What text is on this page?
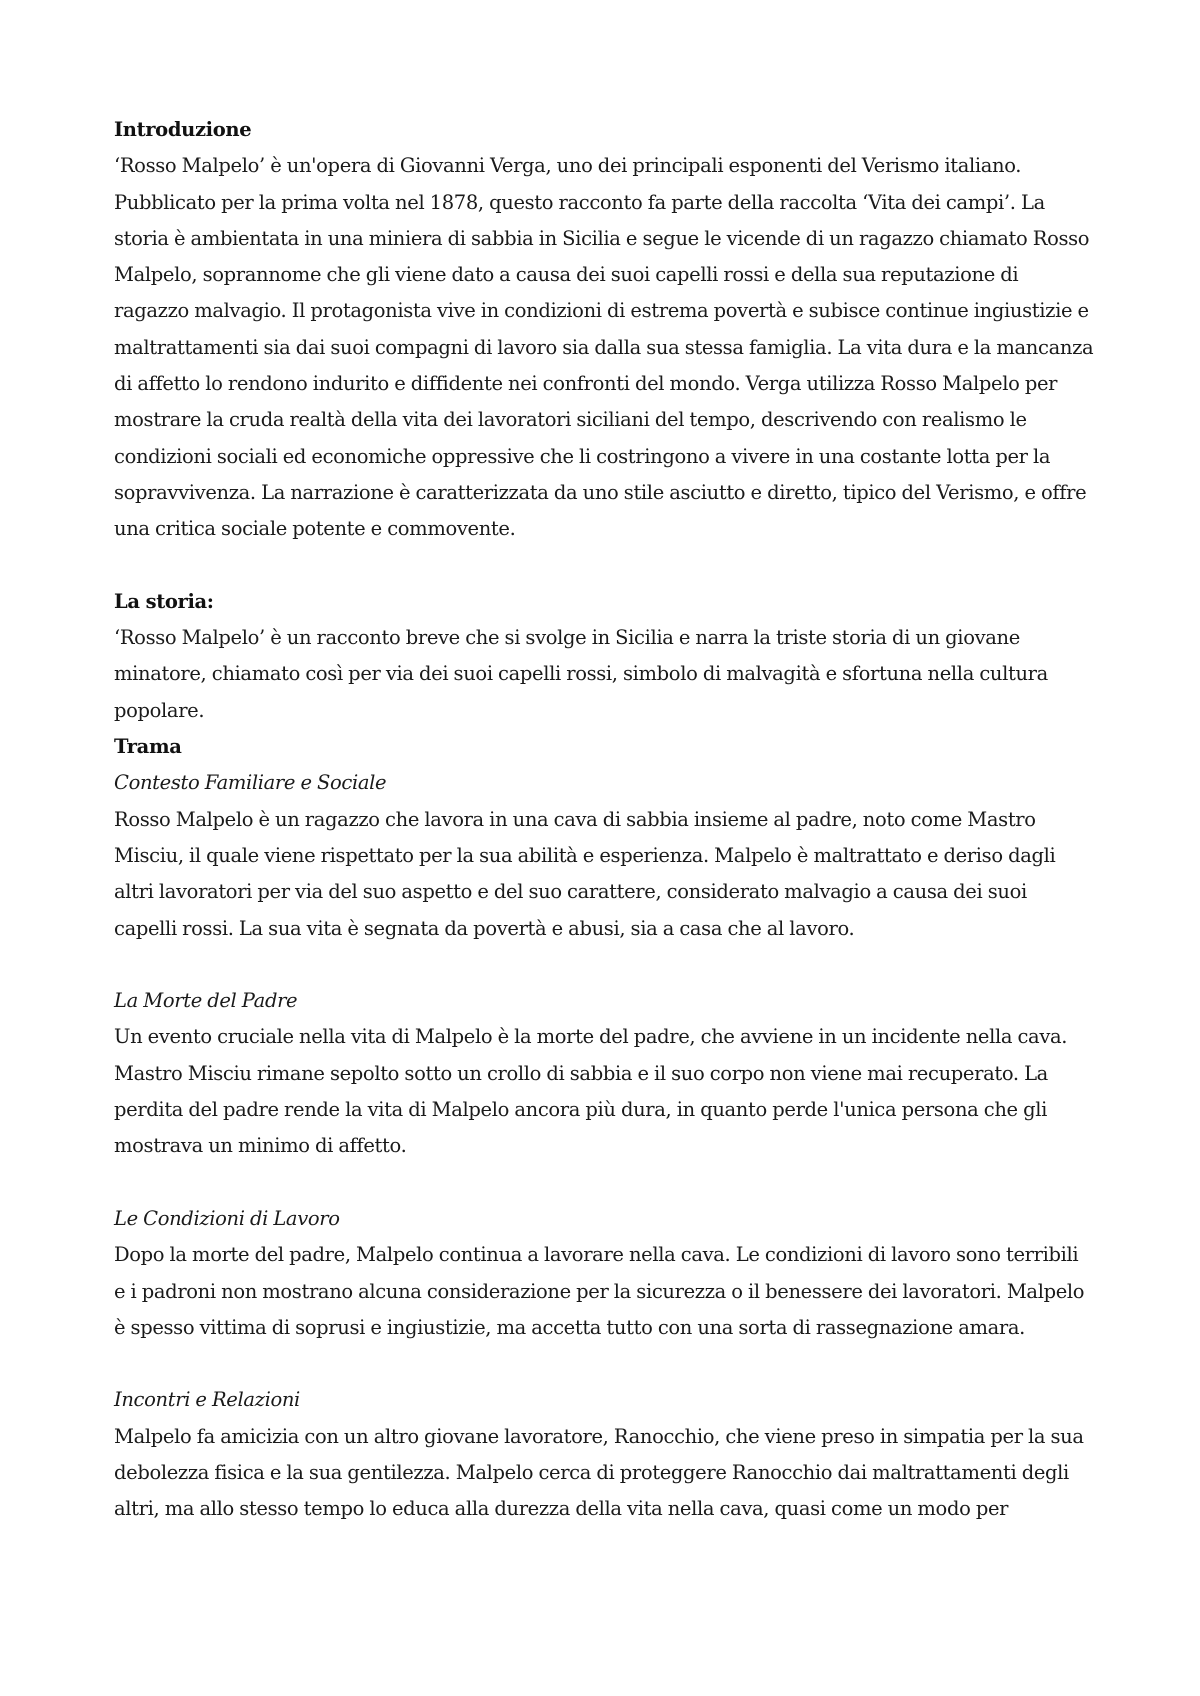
Introduzione

‘Rosso Malpelo’ è un'opera di Giovanni Verga, uno dei principali esponenti del Verismo italiano. Pubblicato per la prima volta nel 1878, questo racconto fa parte della raccolta ‘Vita dei campi’. La storia è ambientata in una miniera di sabbia in Sicilia e segue le vicende di un ragazzo chiamato Rosso Malpelo, soprannome che gli viene dato a causa dei suoi capelli rossi e della sua reputazione di ragazzo malvagio. Il protagonista vive in condizioni di estrema povertà e subisce continue ingiustizie e maltrattamenti sia dai suoi compagni di lavoro sia dalla sua stessa famiglia. La vita dura e la mancanza di affetto lo rendono indurito e diffidente nei confronti del mondo. Verga utilizza Rosso Malpelo per mostrare la cruda realtà della vita dei lavoratori siciliani del tempo, descrivendo con realismo le condizioni sociali ed economiche oppressive che li costringono a vivere in una costante lotta per la sopravvivenza. La narrazione è caratterizzata da uno stile asciutto e diretto, tipico del Verismo, e offre una critica sociale potente e commovente.

La storia:

‘Rosso Malpelo’ è un racconto breve che si svolge in Sicilia e narra la triste storia di un giovane minatore, chiamato così per via dei suoi capelli rossi, simbolo di malvagità e sfortuna nella cultura popolare.

Trama

Contesto Familiare e Sociale

Rosso Malpelo è un ragazzo che lavora in una cava di sabbia insieme al padre, noto come Mastro Misciu, il quale viene rispettato per la sua abilità e esperienza. Malpelo è maltrattato e deriso dagli altri lavoratori per via del suo aspetto e del suo carattere, considerato malvagio a causa dei suoi capelli rossi. La sua vita è segnata da povertà e abusi, sia a casa che al lavoro.

La Morte del Padre

Un evento cruciale nella vita di Malpelo è la morte del padre, che avviene in un incidente nella cava. Mastro Misciu rimane sepolto sotto un crollo di sabbia e il suo corpo non viene mai recuperato. La perdita del padre rende la vita di Malpelo ancora più dura, in quanto perde l'unica persona che gli mostrava un minimo di affetto.

Le Condizioni di Lavoro

Dopo la morte del padre, Malpelo continua a lavorare nella cava. Le condizioni di lavoro sono terribili e i padroni non mostrano alcuna considerazione per la sicurezza o il benessere dei lavoratori. Malpelo è spesso vittima di soprusi e ingiustizie, ma accetta tutto con una sorta di rassegnazione amara.

Incontri e Relazioni

Malpelo fa amicizia con un altro giovane lavoratore, Ranocchio, che viene preso in simpatia per la sua debolezza fisica e la sua gentilezza. Malpelo cerca di proteggere Ranocchio dai maltrattamenti degli altri, ma allo stesso tempo lo educa alla durezza della vita nella cava, quasi come un modo per
